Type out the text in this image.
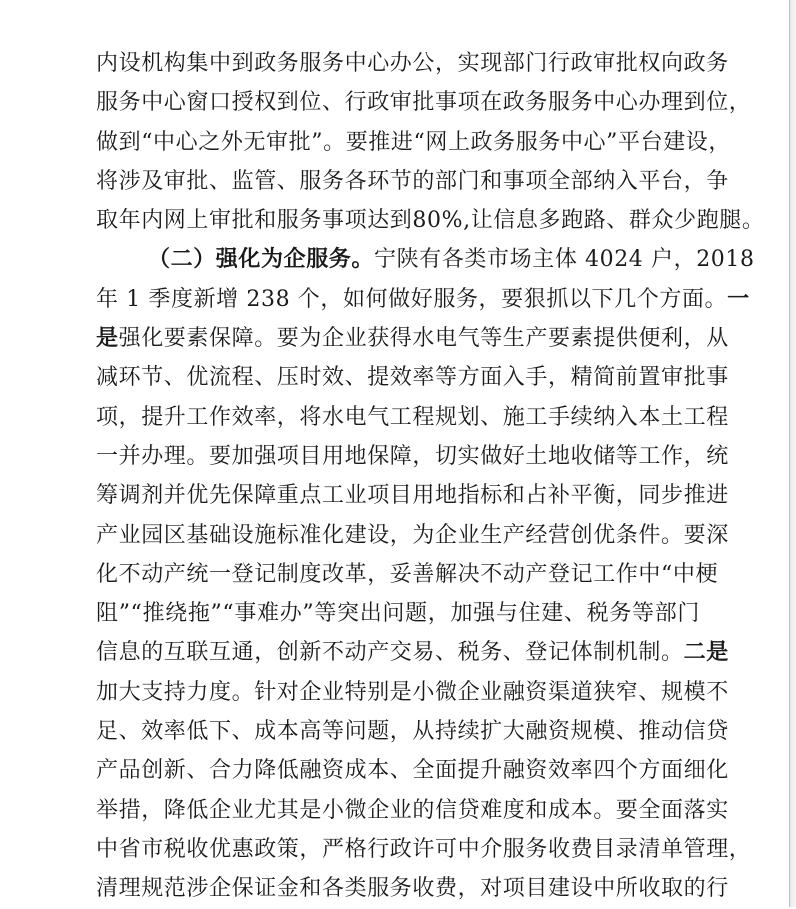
内设机构集中到政务服务中心办公，实现部门行政审批权向政务
服务中心窗口授权到位、行政审批事项在政务服务中心办理到位，
做到“中心之外无审批”。要推进“网上政务服务中心”平台建设，
将涉及审批、监管、服务各环节的部门和事项全部纳入平台，争
取年内网上审批和服务事项达到80%,让信息多跑路、群众少跑腿。
（二）强化为企服务。宁陕有各类市场主体 4024 户，2018
年 1 季度新增 238 个，如何做好服务，要狠抓以下几个方面。一
是强化要素保障。要为企业获得水电气等生产要素提供便利，从
减环节、优流程、压时效、提效率等方面入手，精简前置审批事
项，提升工作效率，将水电气工程规划、施工手续纳入本土工程
一并办理。要加强项目用地保障，切实做好土地收储等工作，统
筹调剂并优先保障重点工业项目用地指标和占补平衡，同步推进
产业园区基础设施标准化建设，为企业生产经营创优条件。要深
化不动产统一登记制度改革，妥善解决不动产登记工作中“中梗
阻”“推绕拖”“事难办”等突出问题，加强与住建、税务等部门
信息的互联互通，创新不动产交易、税务、登记体制机制。二是
加大支持力度。针对企业特别是小微企业融资渠道狭窄、规模不
足、效率低下、成本高等问题，从持续扩大融资规模、推动信贷
产品创新、合力降低融资成本、全面提升融资效率四个方面细化
举措，降低企业尤其是小微企业的信贷难度和成本。要全面落实
中省市税收优惠政策，严格行政许可中介服务收费目录清单管理，
清理规范涉企保证金和各类服务收费，对项目建设中所收取的行
